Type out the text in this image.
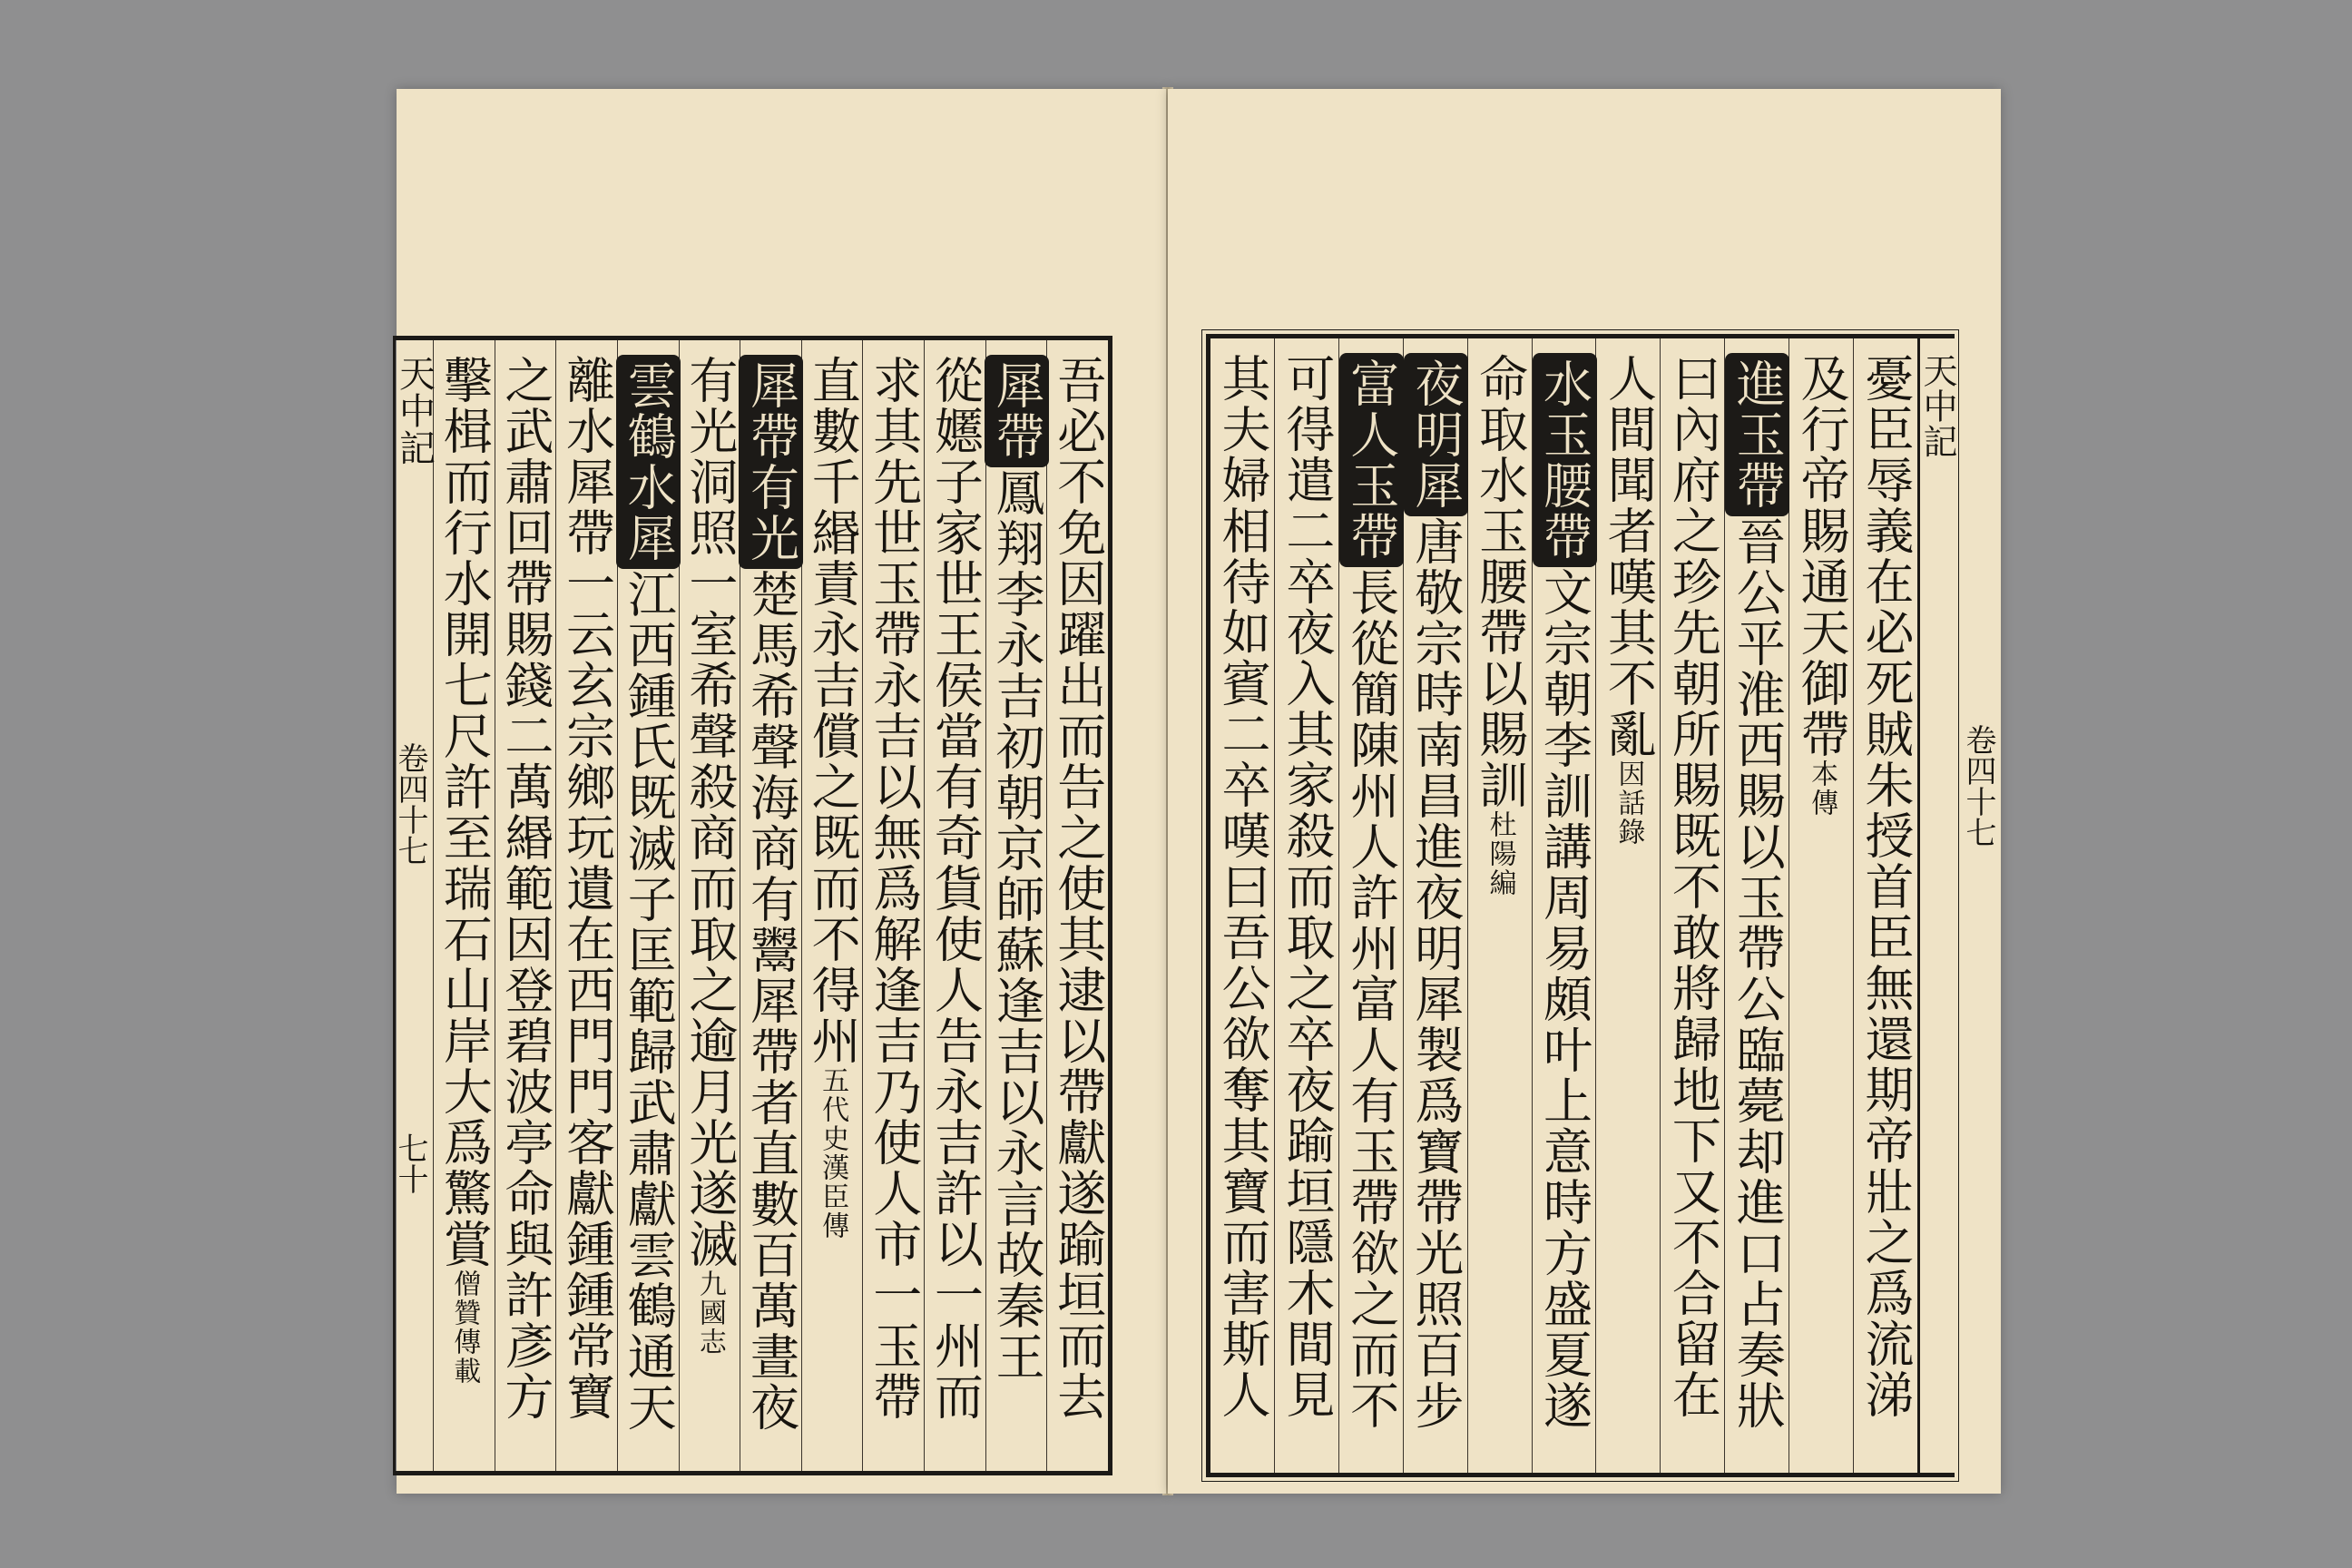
吾必不免因躍出而告之使其逮以帶獻遂踰垣而去
犀帶鳳翔李永吉初朝京師蘇逢吉以永言故秦王
從嬺子家世王侯當有奇貨使人告永吉許以一州而
求其先世玉帶永吉以無爲解逢吉乃使人市一玉帶
直數千緡責永吉償之既而不得州五代史漢臣傳
犀帶有光楚馬希聲海商有鬻犀帶者直數百萬晝夜
有光洞照一室希聲殺商而取之逾月光遂滅九國志
雲鶴水犀江西鍾氏既滅子匡範歸武肅獻雲鶴通天
離水犀帶一云玄宗鄉玩遺在西門門客獻鍾鍾常寶
之武肅回帶賜錢二萬緡範因登碧波亭命與許彥方
擊楫而行水開七尺許至瑞石山岸大爲驚賞僧贊傳載
天中記
卷四十七
七十
天中記
憂臣辱義在必死賊朱授首臣無還期帝壯之爲流涕
及行帝賜通天御帶本傳
進玉帶晉公平淮西賜以玉帶公臨薨却進口占奏狀
曰內府之珍先朝所賜既不敢將歸地下又不合留在
人間聞者嘆其不亂因話錄
水玉腰帶文宗朝李訓講周易頗叶上意時方盛夏遂
命取水玉腰帶以賜訓杜陽編
夜明犀唐敬宗時南昌進夜明犀製爲寶帶光照百步
富人玉帶長從簡陳州人許州富人有玉帶欲之而不
可得遣二卒夜入其家殺而取之卒夜踰垣隱木間見
其夫婦相待如賓二卒嘆曰吾公欲奪其寶而害斯人	卷四十七
